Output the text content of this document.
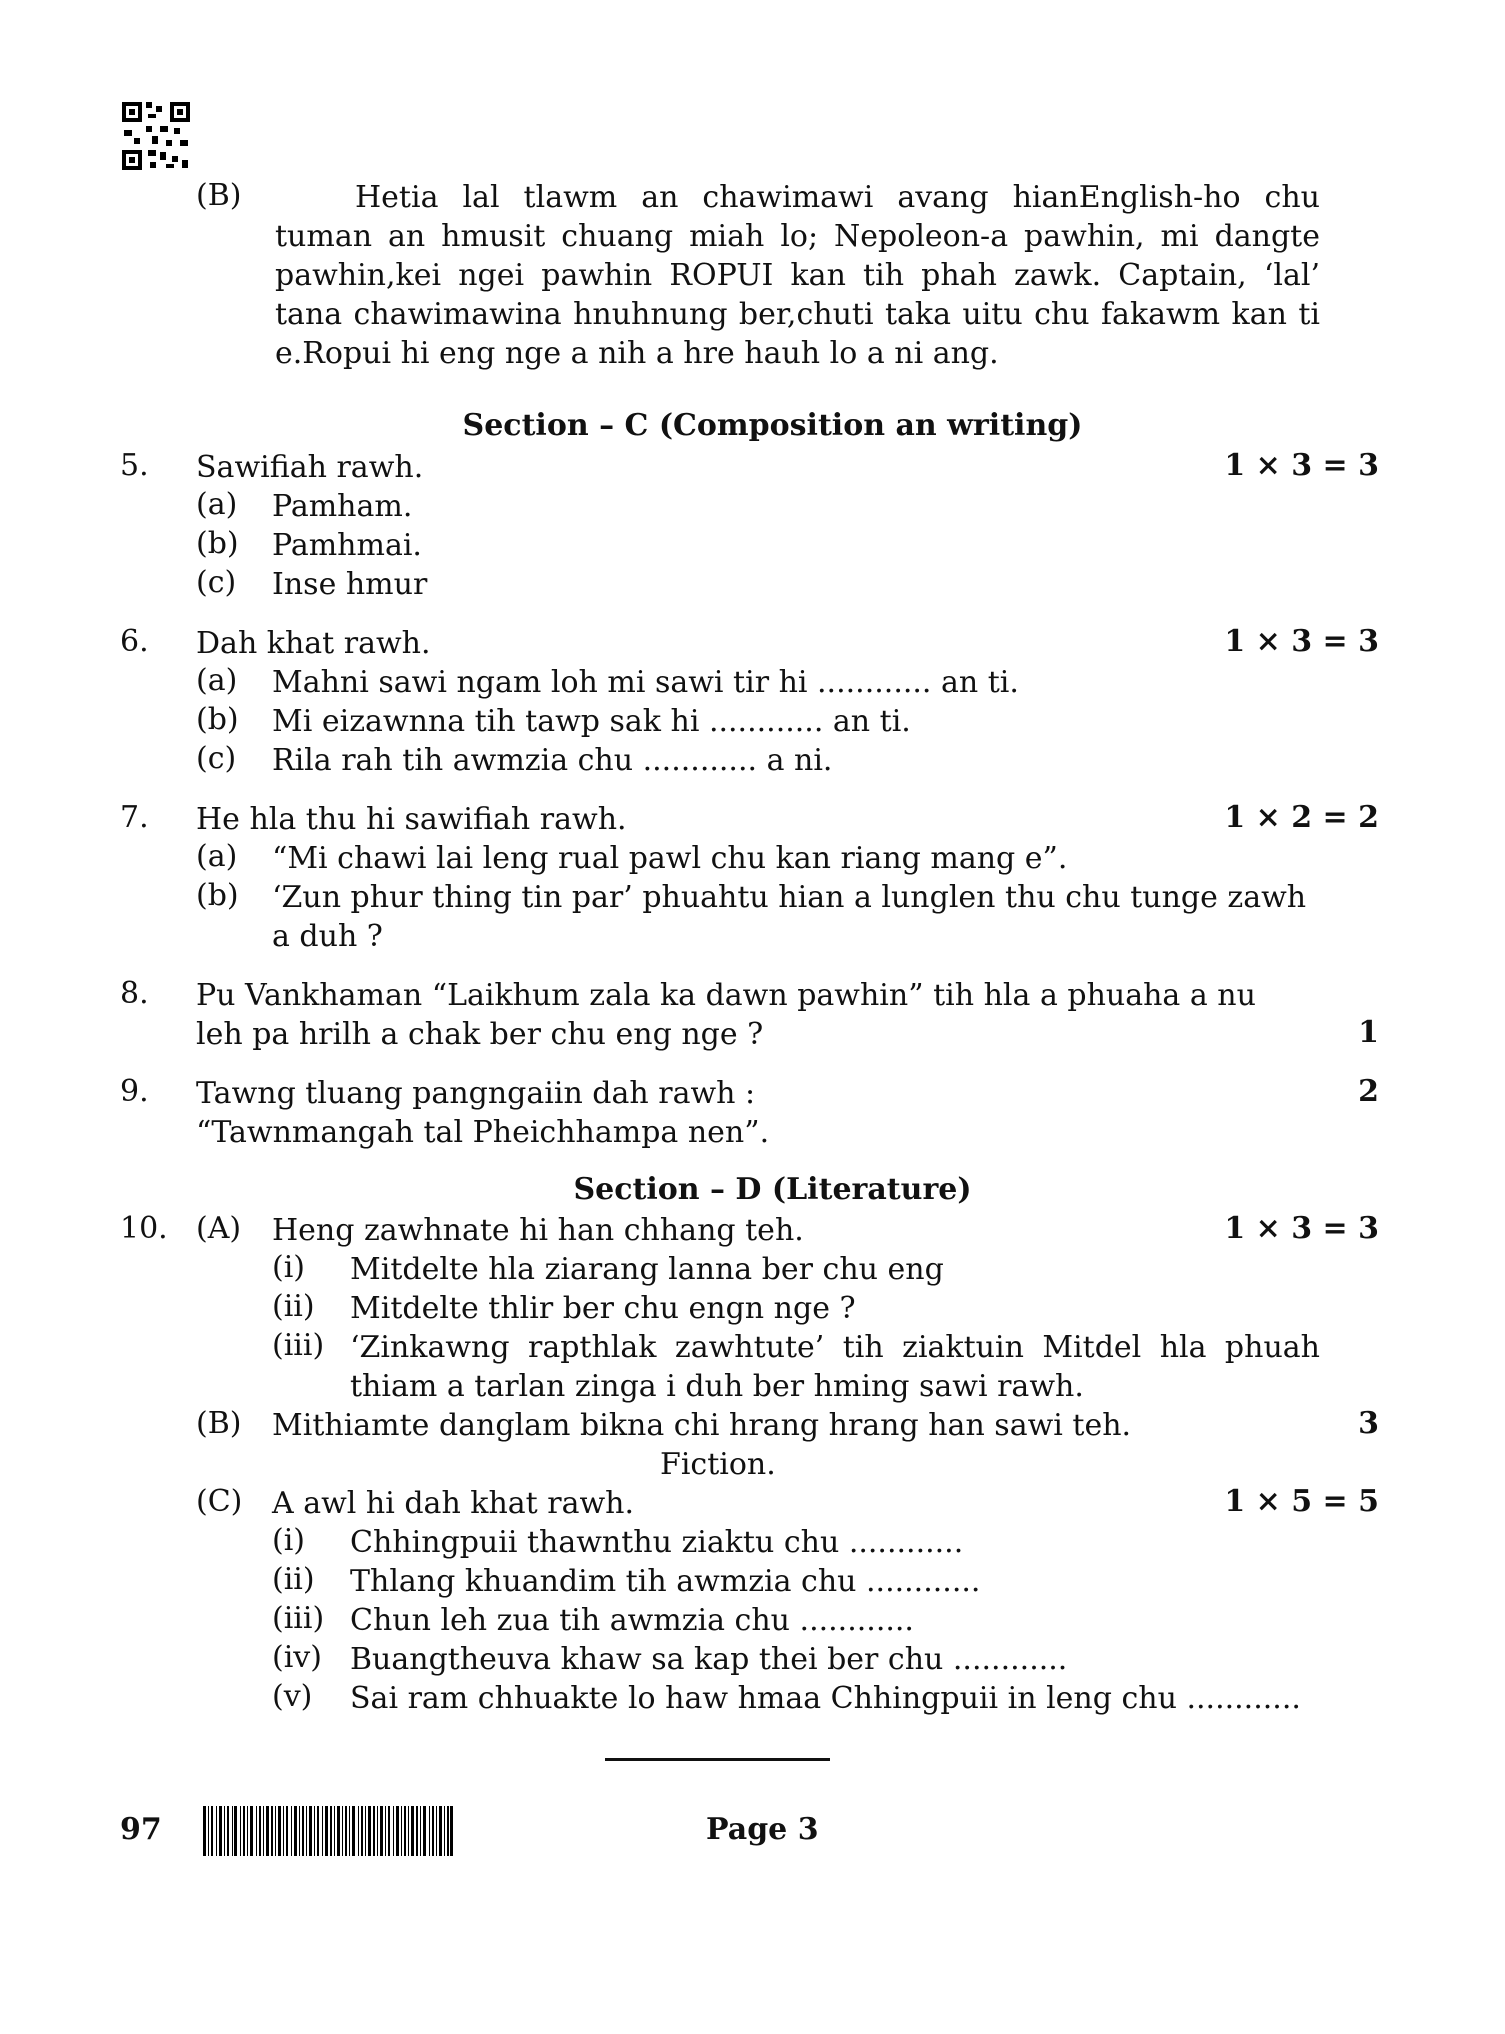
(B)	Hetia lal tlawm an chawimawi avang hianEnglish-ho chu
tuman an hmusit chuang miah lo; Nepoleon-a pawhin, mi dangte
pawhin,kei ngei pawhin ROPUI kan tih phah zawk. Captain, ‘lal’
tana chawimawina hnuhnung ber,chuti taka uitu chu fakawm kan ti
e.Ropui hi eng nge a nih a hre hauh lo a ni ang.
Section – C (Composition an writing)
5. Sawifiah rawh.	1 × 3 = 3
(a) Pamham.
(b) Pamhmai.
(c) Inse hmur
6. Dah khat rawh.	1 × 3 = 3
(a) Mahni sawi ngam loh mi sawi tir hi ............ an ti.
(b) Mi eizawnna tih tawp sak hi ............ an ti.
(c) Rila rah tih awmzia chu ............ a ni.
7. He hla thu hi sawifiah rawh.	1 × 2 = 2
(a) “Mi chawi lai leng rual pawl chu kan riang mang e”.
(b) ‘Zun phur thing tin par’ phuahtu hian a lunglen thu chu tunge zawh
a duh ?
8. Pu Vankhaman “Laikhum zala ka dawn pawhin” tih hla a phuaha a nu
leh pa hrilh a chak ber chu eng nge ?	1
9. Tawng tluang pangngaiin dah rawh :	2
“Tawnmangah tal Pheichhampa nen”.
Section – D (Literature)
10. (A) Heng zawhnate hi han chhang teh.	1 × 3 = 3
(i) Mitdelte hla ziarang lanna ber chu eng
(ii) Mitdelte thlir ber chu engn nge ?
(iii) ‘Zinkawng rapthlak zawhtute’ tih ziaktuin Mitdel hla phuah
thiam a tarlan zinga i duh ber hming sawi rawh.
(B) Mithiamte danglam bikna chi hrang hrang han sawi teh.	3
Fiction.
(C) A awl hi dah khat rawh.	1 × 5 = 5
(i) Chhingpuii thawnthu ziaktu chu ............
(ii) Thlang khuandim tih awmzia chu ............
(iii) Chun leh zua tih awmzia chu ............
(iv) Buangtheuva khaw sa kap thei ber chu ............
(v) Sai ram chhuakte lo haw hmaa Chhingpuii in leng chu ............
97	Page 3
